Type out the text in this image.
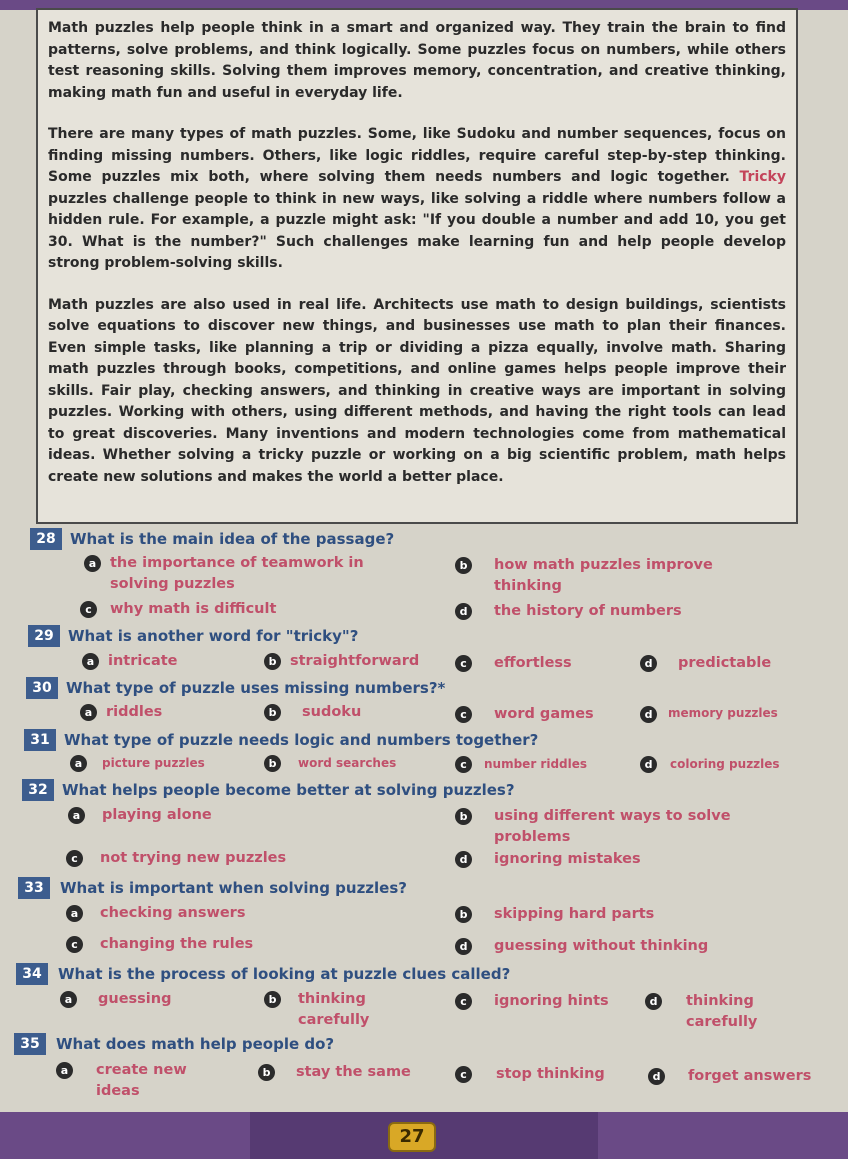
Math puzzles help people think in a smart and organized way. They train the brain to find patterns, solve problems, and think logically. Some puzzles focus on numbers, while others test reasoning skills. Solving them improves memory, concentration, and creative thinking, making math fun and useful in everyday life.

There are many types of math puzzles. Some, like Sudoku and number sequences, focus on finding missing numbers. Others, like logic riddles, require careful step-by-step thinking. Some puzzles mix both, where solving them needs numbers and logic together. Tricky puzzles challenge people to think in new ways, like solving a riddle where numbers follow a hidden rule. For example, a puzzle might ask: "If you double a number and add 10, you get 30. What is the number?" Such challenges make learning fun and help people develop strong problem-solving skills.

Math puzzles are also used in real life. Architects use math to design buildings, scientists solve equations to discover new things, and businesses use math to plan their finances. Even simple tasks, like planning a trip or dividing a pizza equally, involve math. Sharing math puzzles through books, competitions, and online games helps people improve their skills. Fair play, checking answers, and thinking in creative ways are important in solving puzzles. Working with others, using different methods, and having the right tools can lead to great discoveries. Many inventions and modern technologies come from mathematical ideas. Whether solving a tricky puzzle or working on a big scientific problem, math helps create new solutions and makes the world a better place.

28 What is the main idea of the passage?
a the importance of teamwork in solving puzzles
b	how math puzzles improve thinking
c	why math is difficult	d	the history of numbers
29 What is another word for "tricky"?
a intricate	b straightforward	c	effortless	d	predictable
30 What type of puzzle uses missing numbers?*
a riddles	b	sudoku	c	word games	d	memory puzzles
31 What type of puzzle needs logic and numbers together?
a	picture puzzles	b	word searches	c	number riddles	d	coloring puzzles
32 What helps people become better at solving puzzles?
a	playing alone	b	using different ways to solve problems
c	not trying new puzzles	d	ignoring mistakes
33	What is important when solving puzzles?
a	checking answers	b	skipping hard parts
c	changing the rules	d	guessing without thinking
34	What is the process of looking at puzzle clues called?
a	guessing	b	thinking carefully
c	ignoring hints	d	thinking carefully
35	What does math help people do?
a	create new ideas
b	stay the same	c	stop thinking	d	forget answers
27
